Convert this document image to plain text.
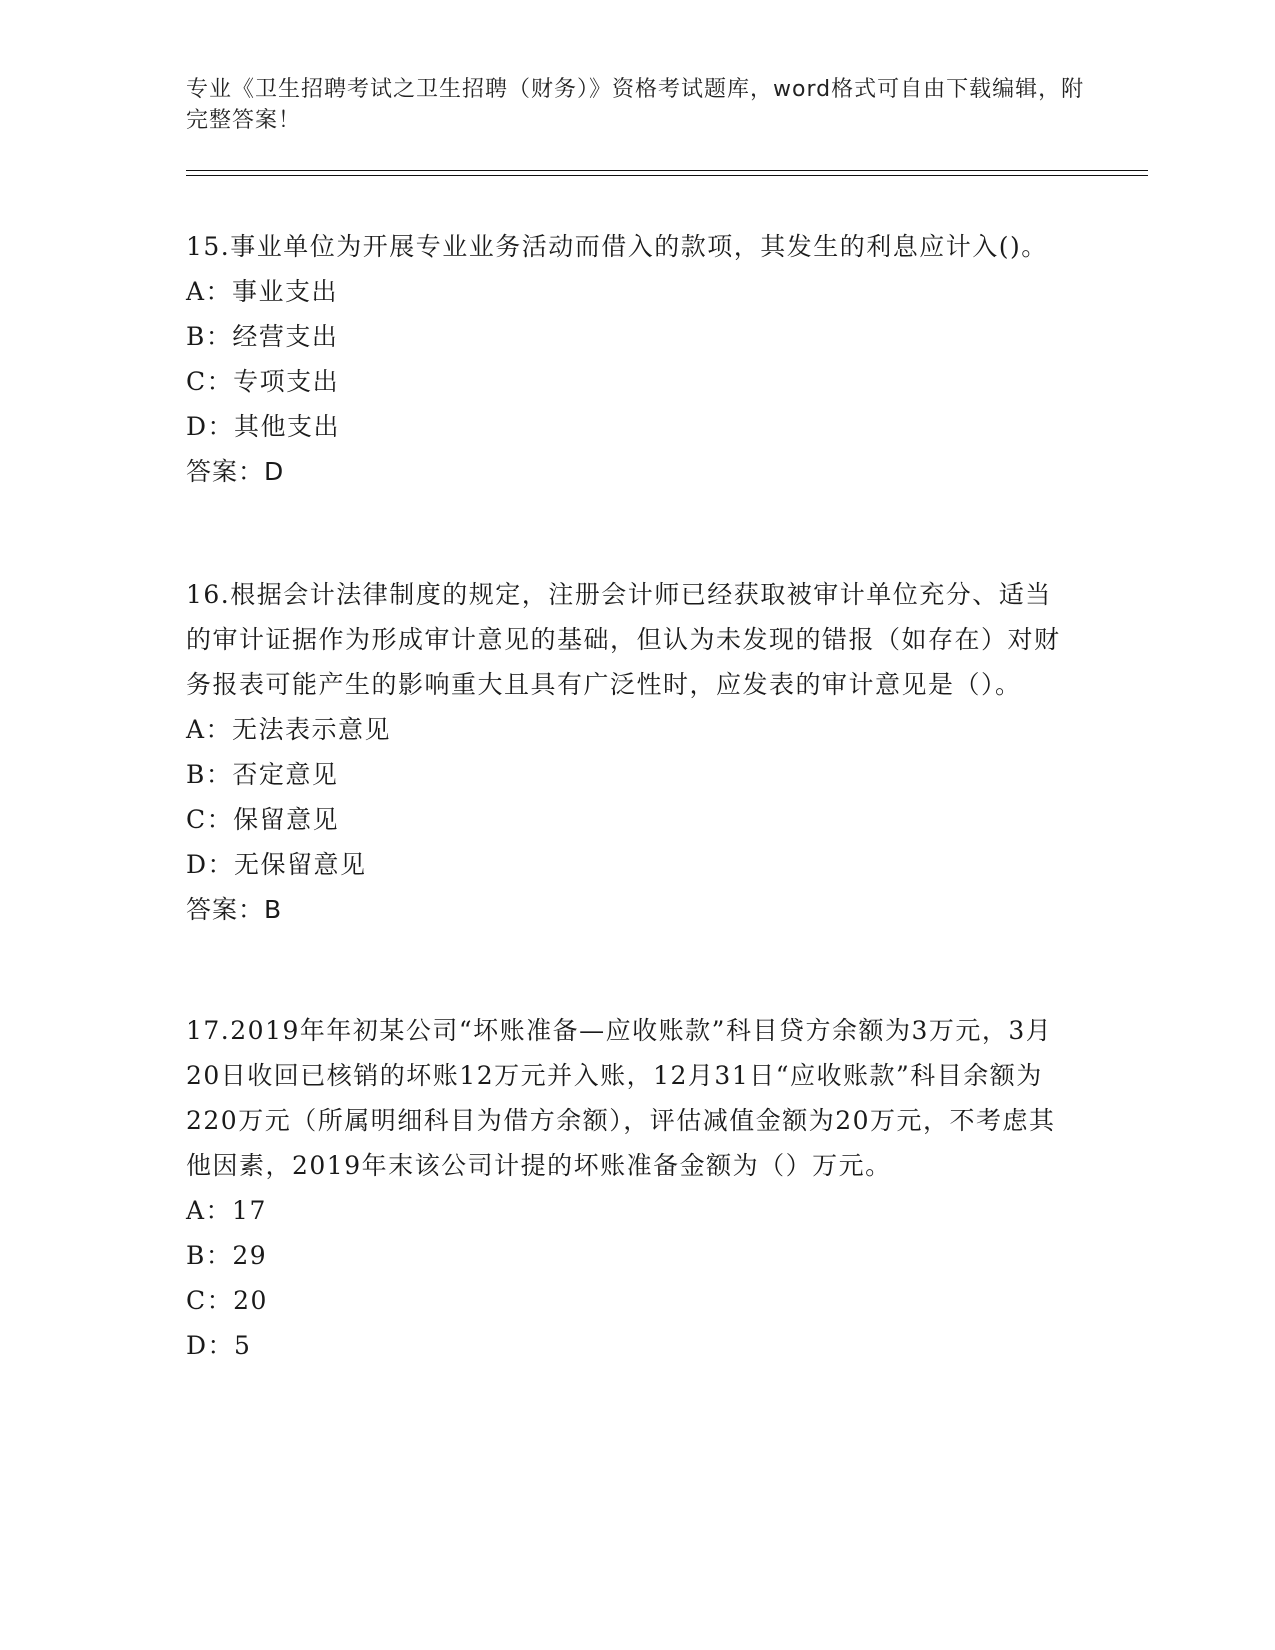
专业《卫生招聘考试之卫生招聘（财务）》资格考试题库，word格式可自由下载编辑，附完整答案！

15.事业单位为开展专业业务活动而借入的款项，其发生的利息应计入()。

A：事业支出

B：经营支出

C：专项支出

D：其他支出

答案：D

16.根据会计法律制度的规定，注册会计师已经获取被审计单位充分、适当的审计证据作为形成审计意见的基础，但认为未发现的错报（如存在）对财务报表可能产生的影响重大且具有广泛性时，应发表的审计意见是（）。

A：无法表示意见

B：否定意见

C：保留意见

D：无保留意见

答案：B

17.2019年年初某公司“坏账准备—应收账款”科目贷方余额为3万元，3月20日收回已核销的坏账12万元并入账，12月31日“应收账款”科目余额为220万元（所属明细科目为借方余额），评估减值金额为20万元，不考虑其他因素，2019年末该公司计提的坏账准备金额为（）万元。

A：17

B：29

C：20

D：5
